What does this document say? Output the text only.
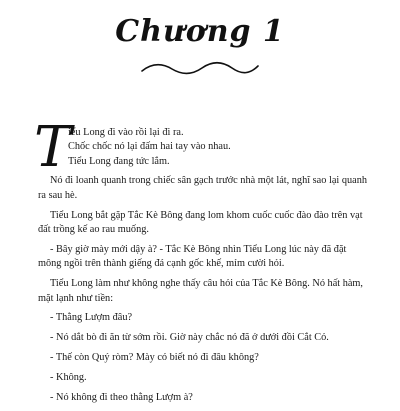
Chương 1
T
iểu Long đi vào rồi lại đi ra.
Chốc chốc nó lại đấm hai tay vào nhau.
Tiểu Long đang tức lắm.

Nó đi loanh quanh trong chiếc sân gạch trước nhà một lát, nghĩ sao lại quanh ra sau hè.

Tiểu Long bắt gặp Tắc Kè Bông đang lom khom cuốc cuốc đào đào trên vạt đất trồng kế ao rau muống.

- Bây giờ mày mới dậy à? - Tắc Kè Bông nhìn Tiểu Long lúc này đã đặt mông ngồi trên thành giếng đá cạnh gốc khế, mỉm cười hỏi.

Tiểu Long làm như không nghe thấy câu hỏi của Tắc Kè Bông. Nó hất hàm, mặt lạnh như tiền:

- Thằng Lượm đâu?

- Nó dắt bò đi ăn từ sớm rồi. Giờ này chắc nó đã ở dưới đồi Cắt Cỏ.

- Thế còn Quý ròm? Mày có biết nó đi đâu không?

- Không.

- Nó không đi theo thằng Lượm à?
